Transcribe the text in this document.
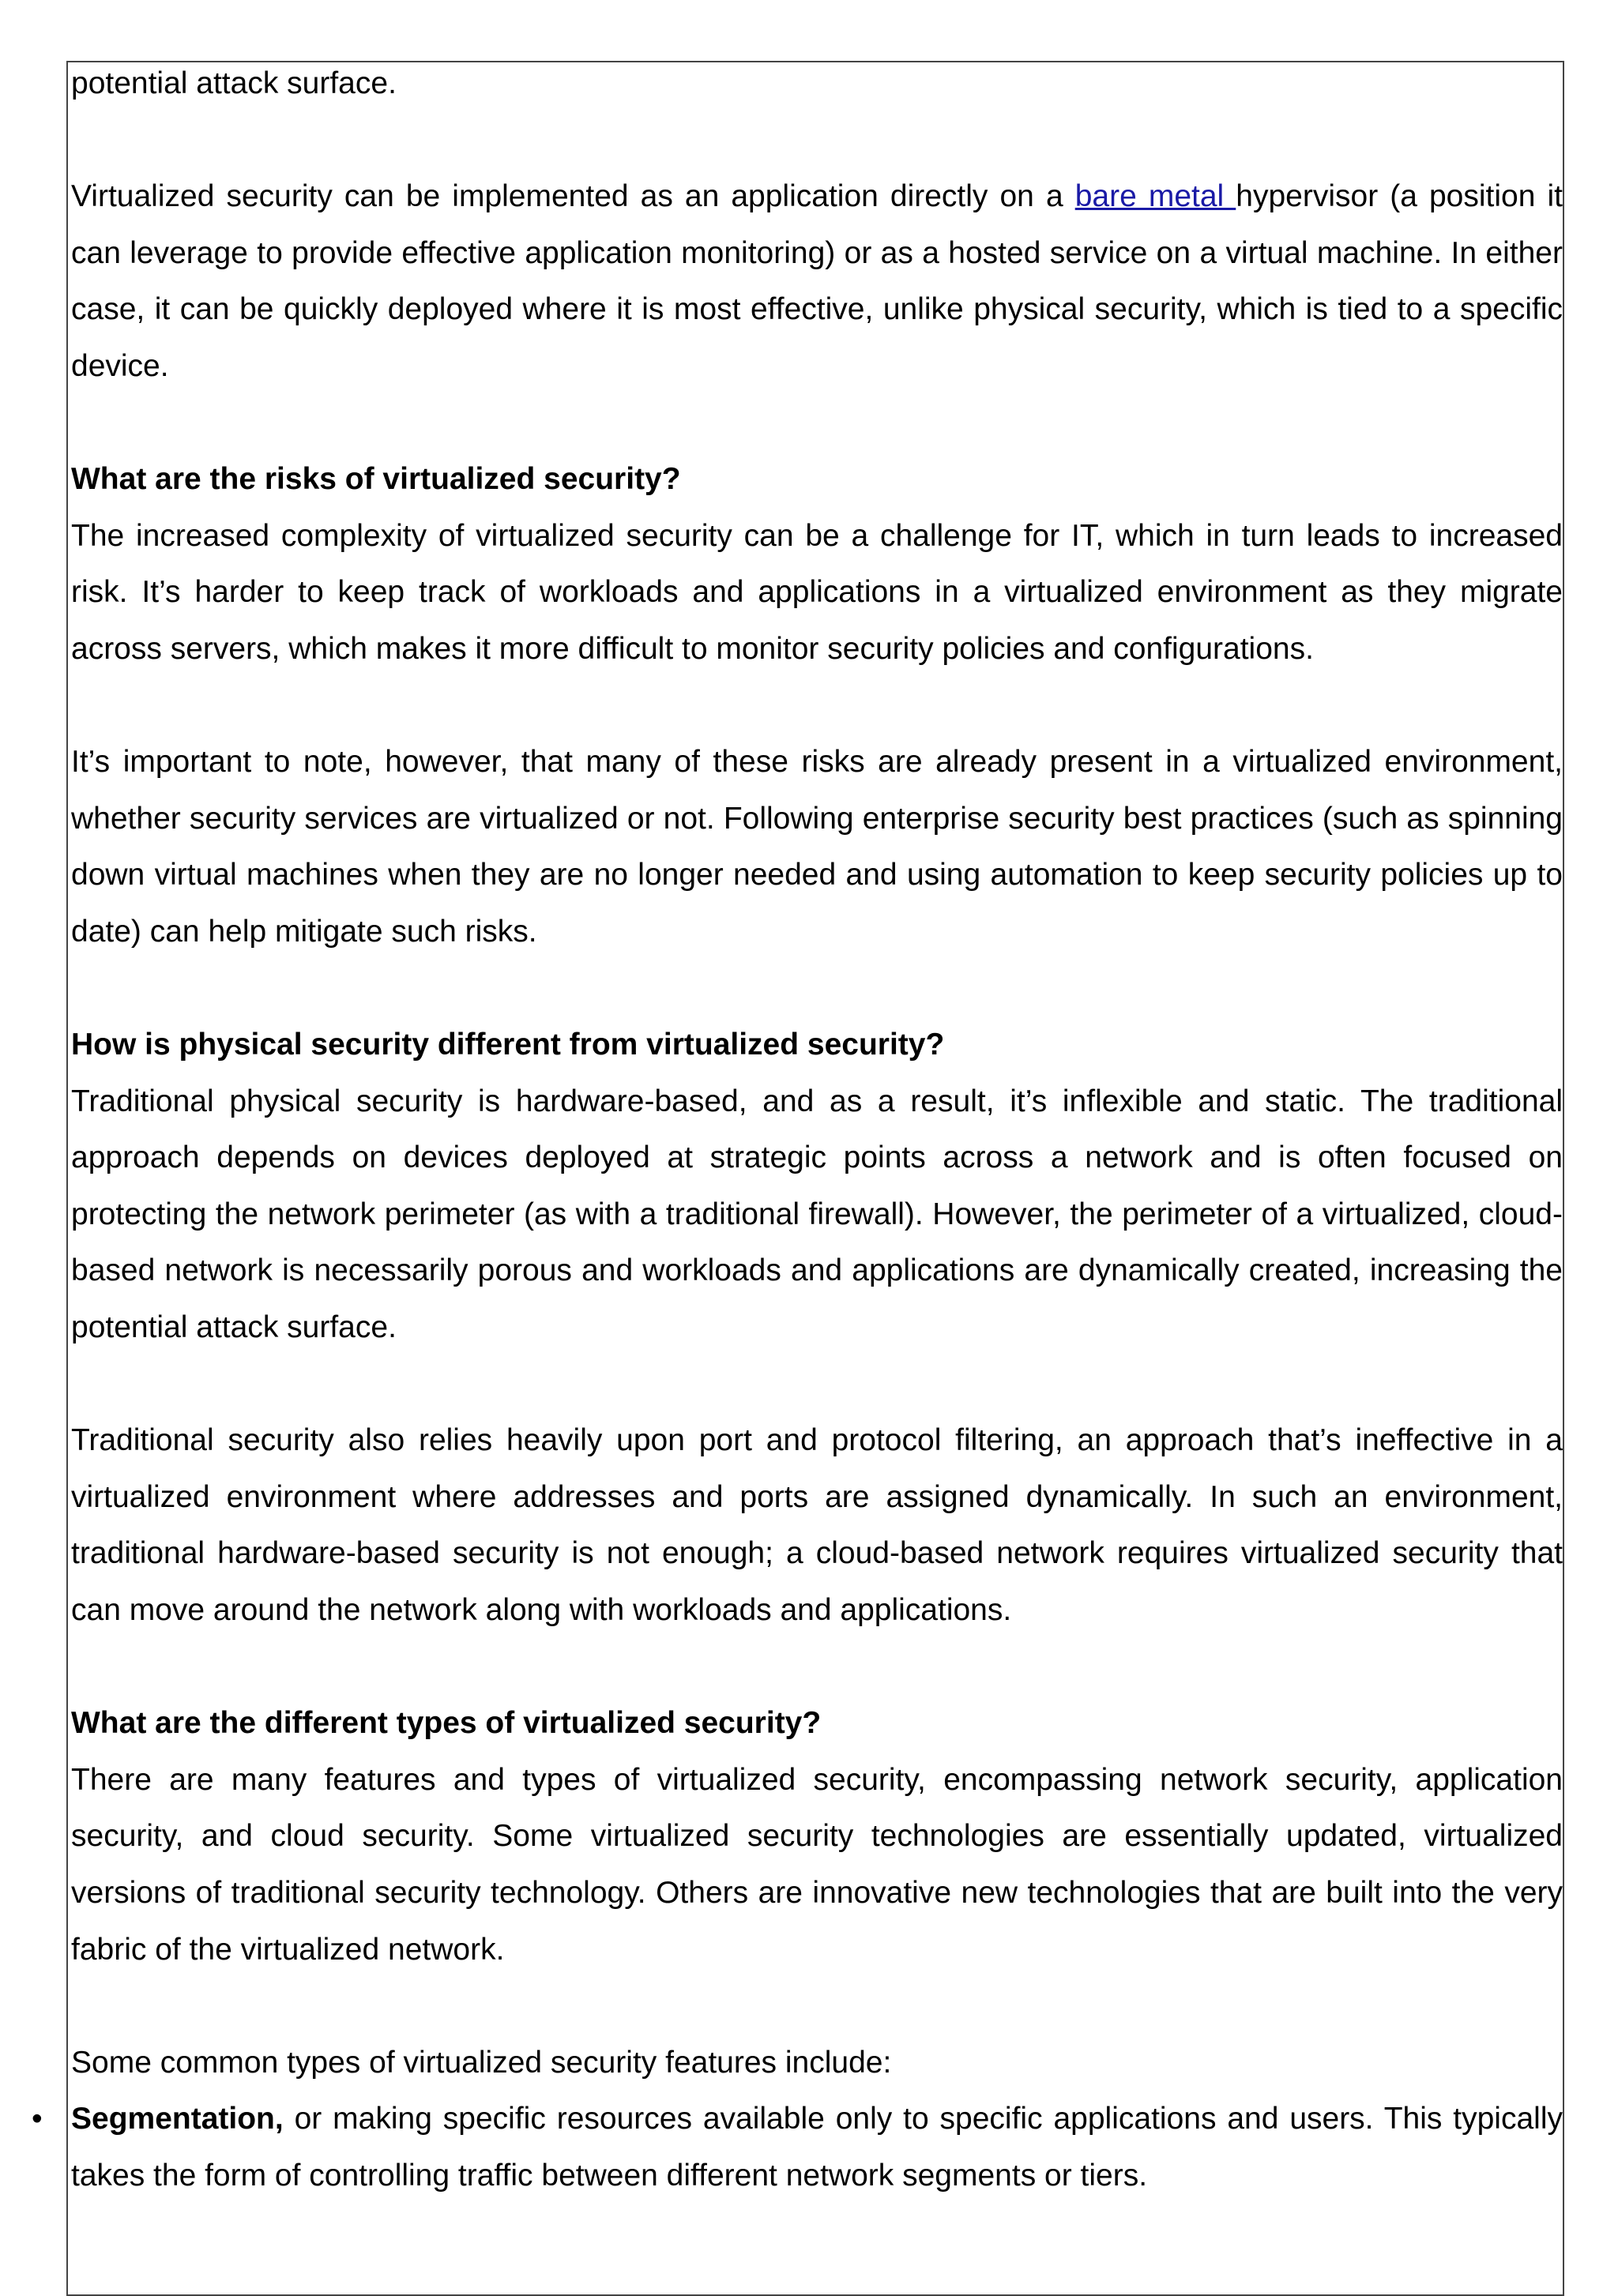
potential attack surface.

Virtualized security can be implemented as an application directly on a bare metal hypervisor (a position it can leverage to provide effective application monitoring) or as a hosted service on a virtual machine. In either case, it can be quickly deployed where it is most effective, unlike physical security, which is tied to a specific device.

What are the risks of virtualized security?

The increased complexity of virtualized security can be a challenge for IT, which in turn leads to increased risk. It’s harder to keep track of workloads and applications in a virtualized environment as they migrate across servers, which makes it more difficult to monitor security policies and configurations.

It’s important to note, however, that many of these risks are already present in a virtualized environment, whether security services are virtualized or not. Following enterprise security best practices (such as spinning down virtual machines when they are no longer needed and using automation to keep security policies up to date) can help mitigate such risks.

How is physical security different from virtualized security?

Traditional physical security is hardware-based, and as a result, it’s inflexible and static. The traditional approach depends on devices deployed at strategic points across a network and is often focused on protecting the network perimeter (as with a traditional firewall). However, the perimeter of a virtualized, cloud-based network is necessarily porous and workloads and applications are dynamically created, increasing the potential attack surface.

Traditional security also relies heavily upon port and protocol filtering, an approach that’s ineffective in a virtualized environment where addresses and ports are assigned dynamically. In such an environment, traditional hardware-based security is not enough; a cloud-based network requires virtualized security that can move around the network along with workloads and applications.

What are the different types of virtualized security?

There are many features and types of virtualized security, encompassing network security, application security, and cloud security. Some virtualized security technologies are essentially updated, virtualized versions of traditional security technology. Others are innovative new technologies that are built into the very fabric of the virtualized network.

Some common types of virtualized security features include:

• Segmentation, or making specific resources available only to specific applications and users. This typically takes the form of controlling traffic between different network segments or tiers.
